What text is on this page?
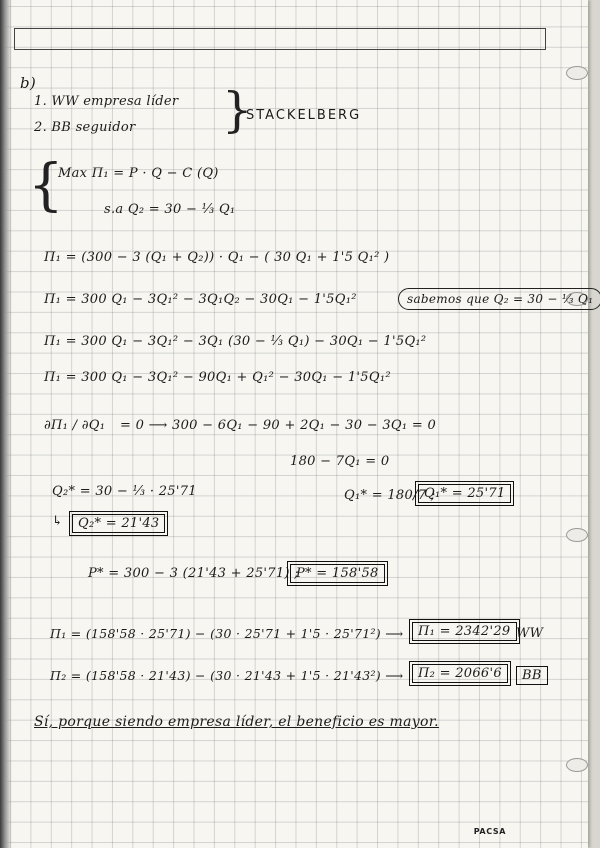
b)
1. WW empresa líder
2. BB seguidor }
STACKELBERG
{
Max Π₁ = P · Q − C (Q)
s.a Q₂ = 30 − ⅓ Q₁
Π₁ = (300 − 3 (Q₁ + Q₂)) · Q₁ − ( 30 Q₁ + 1'5 Q₁² )
Π₁ = 300 Q₁ − 3Q₁² − 3Q₁Q₂ − 30Q₁ − 1'5Q₁²	sabemos que Q₂ = 30 − ⅓ Q₁
Π₁ = 300 Q₁ − 3Q₁² − 3Q₁ (30 − ⅓ Q₁) − 30Q₁ − 1'5Q₁²
Π₁ = 300 Q₁ − 3Q₁² − 90Q₁ + Q₁² − 30Q₁ − 1'5Q₁²
∂Π₁ / ∂Q₁ = 0 ⟶ 300 − 6Q₁ − 90 + 2Q₁ − 30 − 3Q₁ = 0
180 − 7Q₁ = 0
Q₂* = 30 − ⅓ · 25'71	Q₁* = 180/7 ;
Q₁* = 25'71
↳	Q₂* = 21'43
P* = 300 − 3 (21'43 + 25'71) ;
P* = 158'58
Π₁ = (158'58 · 25'71) − (30 · 25'71 + 1'5 · 25'71²) ⟶	Π₁ = 2342'29 WW
Π₂ = (158'58 · 21'43) − (30 · 21'43 + 1'5 · 21'43²) ⟶	Π₂ = 2066'6	BB
Sí, porque siendo empresa líder, el beneficio es mayor.
PACSA
